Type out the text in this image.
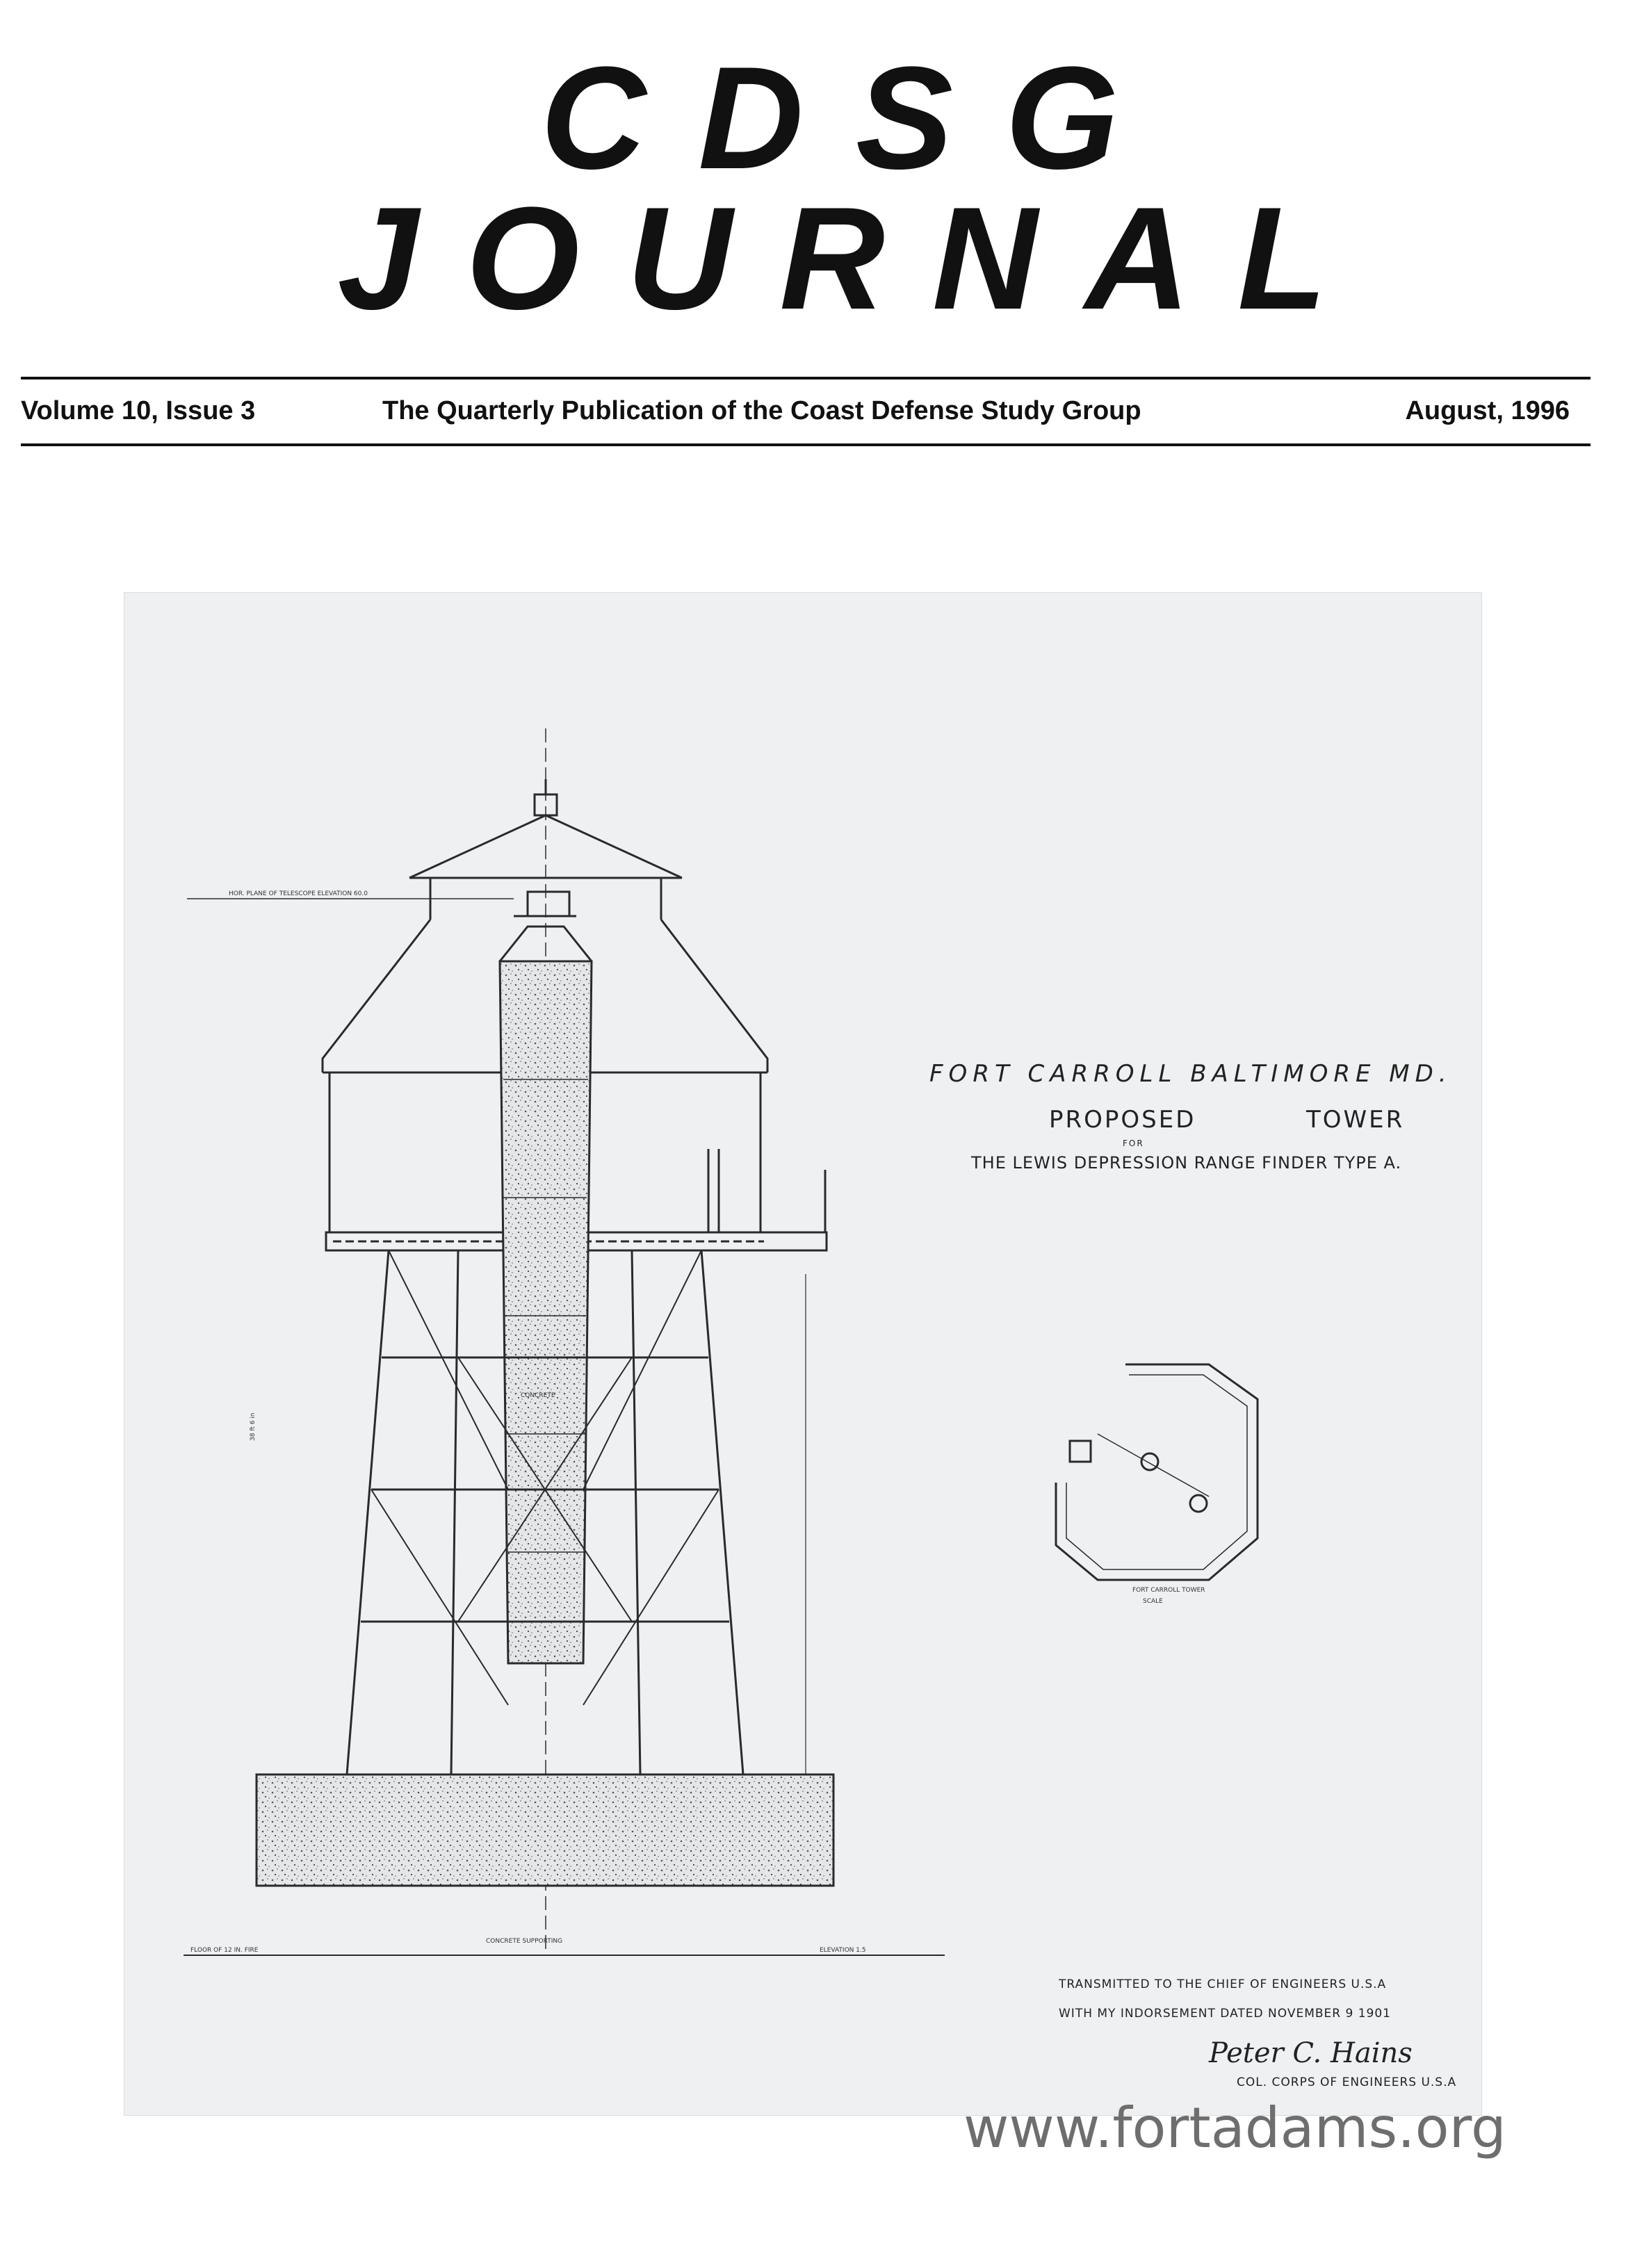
CDSG
JOURNAL
Volume 10, Issue 3	The Quarterly Publication of the Coast Defense Study Group	August, 1996
FORT CARROLL BALTIMORE MD.
PROPOSED	TOWER
FOR
THE LEWIS DEPRESSION RANGE FINDER TYPE A.
HOR. PLANE OF TELESCOPE ELEVATION 60.0
CONCRETE
38 ft 6 in
FLOOR OF 12 IN. FIRE	ELEVATION 1.5
CONCRETE SUPPORTING
FORT CARROLL TOWER
SCALE
TRANSMITTED TO THE CHIEF OF ENGINEERS U.S.A
WITH MY INDORSEMENT DATED NOVEMBER 9 1901
Peter C. Hains
COL. CORPS OF ENGINEERS U.S.A
www.fortadams.org
